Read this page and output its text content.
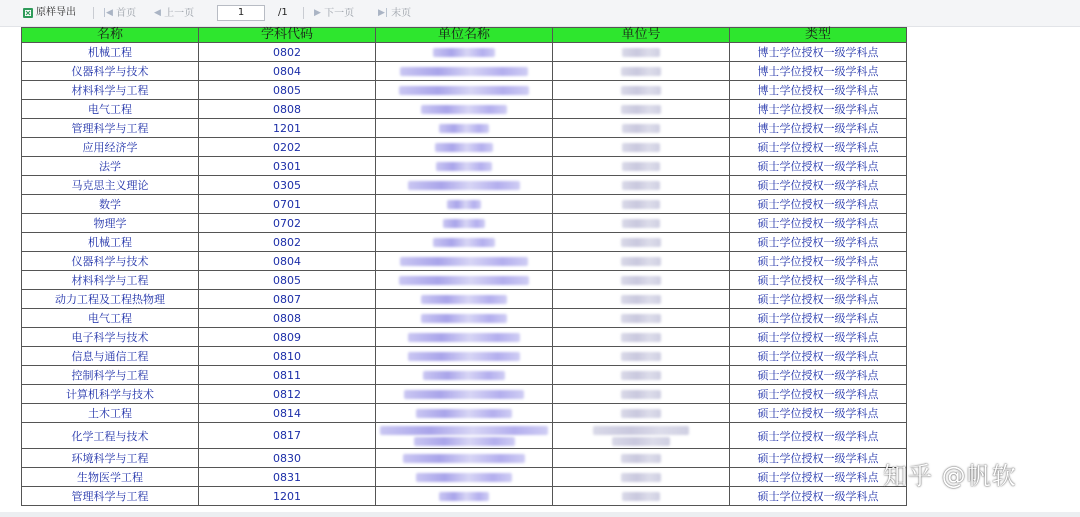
原样导出	|◀ 首页 ◀ 上一页
1	/1	▶ 下一页	▶| 末页
名称	学科代码	单位名称	单位号	类型
机械工程	0802			博士学位授权一级学科点
仪器科学与技术	0804			博士学位授权一级学科点
材料科学与工程	0805			博士学位授权一级学科点
电气工程	0808			博士学位授权一级学科点
管理科学与工程	1201			博士学位授权一级学科点
应用经济学	0202			硕士学位授权一级学科点
法学	0301			硕士学位授权一级学科点
马克思主义理论	0305			硕士学位授权一级学科点
数学	0701			硕士学位授权一级学科点
物理学	0702			硕士学位授权一级学科点
机械工程	0802			硕士学位授权一级学科点
仪器科学与技术	0804			硕士学位授权一级学科点
材料科学与工程	0805			硕士学位授权一级学科点
动力工程及工程热物理	0807			硕士学位授权一级学科点
电气工程	0808			硕士学位授权一级学科点
电子科学与技术	0809			硕士学位授权一级学科点
信息与通信工程	0810			硕士学位授权一级学科点
控制科学与工程	0811			硕士学位授权一级学科点
计算机科学与技术	0812			硕士学位授权一级学科点
土木工程	0814			硕士学位授权一级学科点
化学工程与技术	0817			硕士学位授权一级学科点
环境科学与工程	0830			硕士学位授权一级学科点
生物医学工程	0831			硕士学位授权一级学科点
管理科学与工程	1201			硕士学位授权一级学科点
知乎 @帆软
